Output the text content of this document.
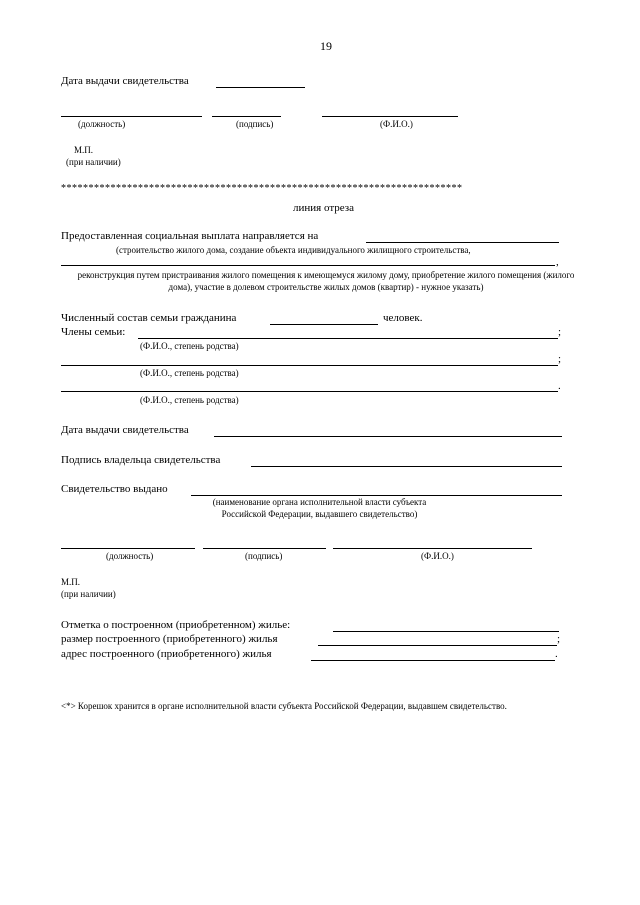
19
Дата выдачи свидетельства
(должность)	(подпись)	(Ф.И.О.)
М.П.
(при наличии)
*************************************************************************
линия отреза
Предоставленная социальная выплата направляется на
(строительство жилого дома, создание объекта индивидуального жилищного строительства,
,
реконструкция путем пристраивания жилого помещения к имеющемуся жилому дому, приобретение жилого помещения (жилого дома), участие в долевом строительстве жилых домов (квартир) - нужное указать)
Численный состав семьи гражданина	человек.
Члены семьи:	;
(Ф.И.О., степень родства)
;
(Ф.И.О., степень родства)
.
(Ф.И.О., степень родства)
Дата выдачи свидетельства
Подпись владельца свидетельства
Свидетельство выдано
(наименование органа исполнительной власти субъекта
Российской Федерации, выдавшего свидетельство)
(должность)	(подпись)	(Ф.И.О.)
М.П.
(при наличии)
Отметка о построенном (приобретенном) жилье:
размер построенного (приобретенного) жилья	;
адрес построенного (приобретенного) жилья	.
<*> Корешок хранится в органе исполнительной власти субъекта Российской Федерации, выдавшем свидетельство.
